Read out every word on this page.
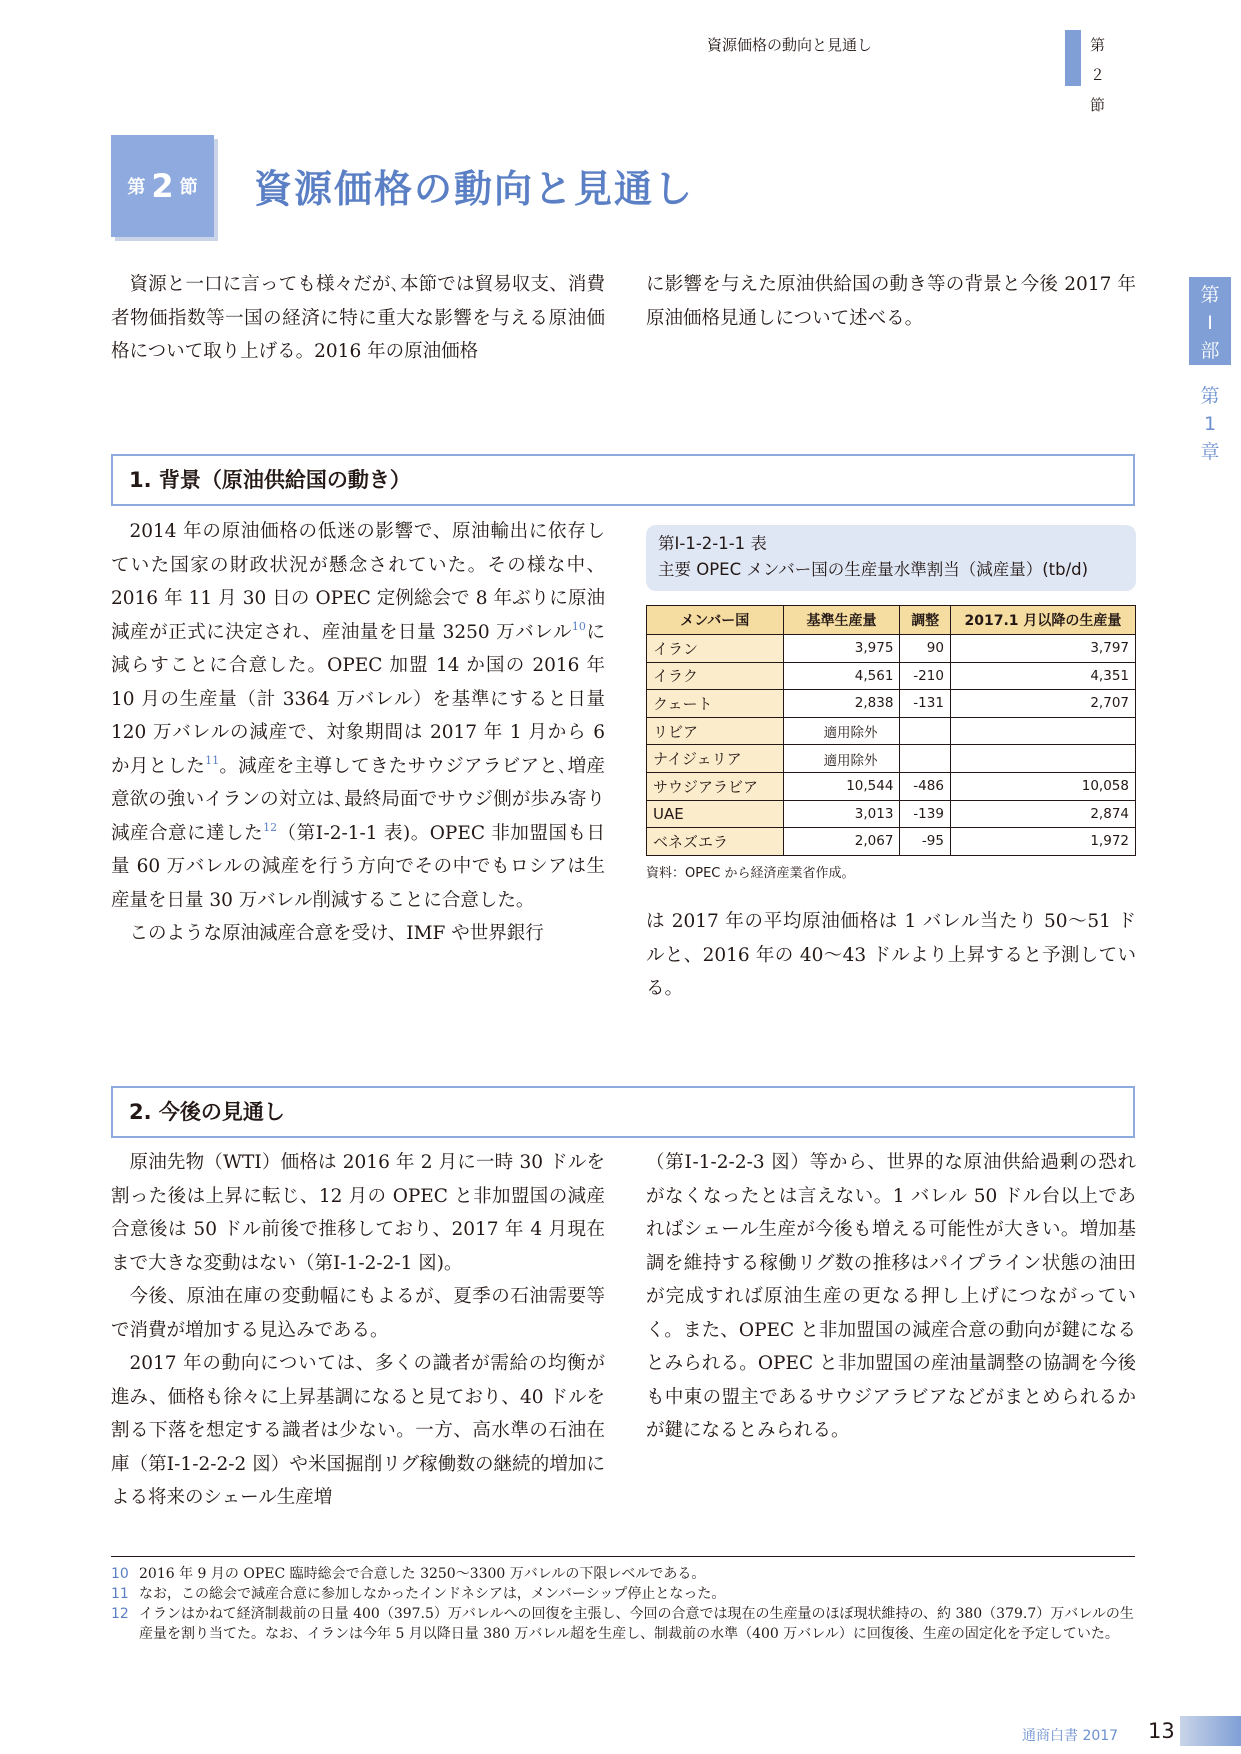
資源価格の動向と見通し	第２節
第 2 節 資源価格の動向と見通し
第
Ⅰ
部
第
1
章

資源と一口に言っても様々だが､本節では貿易収支、消費者物価指数等一国の経済に特に重大な影響を与える原油価格について取り上げる。2016 年の原油価格

に影響を与えた原油供給国の動き等の背景と今後 2017 年原油価格見通しについて述べる。

1. 背景（原油供給国の動き）

2014 年の原油価格の低迷の影響で、原油輸出に依存していた国家の財政状況が懸念されていた。その様な中、2016 年 11 月 30 日の OPEC 定例総会で 8 年ぶりに原油減産が正式に決定され、産油量を日量 3250 万バレル$^{10}$に減らすことに合意した。OPEC 加盟 14 か国の 2016 年 10 月の生産量（計 3364 万バレル）を基準にすると日量 120 万バレルの減産で、対象期間は 2017 年 1 月から 6 か月とした$^{11}$。減産を主導してきたサウジアラビアと､増産意欲の強いイランの対立は､最終局面でサウジ側が歩み寄り減産合意に達した$^{12}$（第Ⅰ-2-1-1 表)。OPEC 非加盟国も日量 60 万バレルの減産を行う方向でその中でもロシアは生産量を日量 30 万バレル削減することに合意した。

このような原油減産合意を受け、IMF や世界銀行

第Ⅰ-1-2-1-1 表
主要 OPEC メンバー国の生産量水準割当（減産量）(tb/d)
メンバー国	基準生産量	調整	2017.1 月以降の生産量
イラン	3,975	90	3,797
イラク	4,561	-210	4,351
クェート	2,838	-131	2,707
リビア	適用除外		
ナイジェリア	適用除外		
サウジアラビア	10,544	-486	10,058
UAE	3,013	-139	2,874
ベネズエラ	2,067	-95	1,972
資料：OPEC から経済産業省作成。

は 2017 年の平均原油価格は 1 バレル当たり 50〜51 ドルと、2016 年の 40〜43 ドルより上昇すると予測している。

2. 今後の見通し

原油先物（WTI）価格は 2016 年 2 月に一時 30 ドルを割った後は上昇に転じ、12 月の OPEC と非加盟国の減産合意後は 50 ドル前後で推移しており、2017 年 4 月現在まで大きな変動はない（第Ⅰ-1-2-2-1 図)。

今後、原油在庫の変動幅にもよるが、夏季の石油需要等で消費が増加する見込みである。

2017 年の動向については、多くの識者が需給の均衡が進み、価格も徐々に上昇基調になると見ており、40 ドルを割る下落を想定する識者は少ない。一方、高水準の石油在庫（第Ⅰ-1-2-2-2 図）や米国掘削リグ稼働数の継続的増加による将来のシェール生産増

（第Ⅰ-1-2-2-3 図）等から、世界的な原油供給過剰の恐れがなくなったとは言えない。1 バレル 50 ドル台以上であればシェール生産が今後も増える可能性が大きい。増加基調を維持する稼働リグ数の推移はパイプライン状態の油田が完成すれば原油生産の更なる押し上げにつながっていく。また、OPEC と非加盟国の減産合意の動向が鍵になるとみられる。OPEC と非加盟国の産油量調整の協調を今後も中東の盟主であるサウジアラビアなどがまとめられるかが鍵になるとみられる。

10 2016 年 9 月の OPEC 臨時総会で合意した 3250〜3300 万バレルの下限レベルである。
11 なお，この総会で減産合意に参加しなかったインドネシアは，メンバーシップ停止となった。
12 イランはかねて経済制裁前の日量 400（397.5）万バレルへの回復を主張し、今回の合意では現在の生産量のほぼ現状維持の、約 380（379.7）万バレルの生産量を割り当てた。なお、イランは今年 5 月以降日量 380 万バレル超を生産し、制裁前の水準（400 万バレル）に回復後、生産の固定化を予定していた。
通商白書 2017 13
